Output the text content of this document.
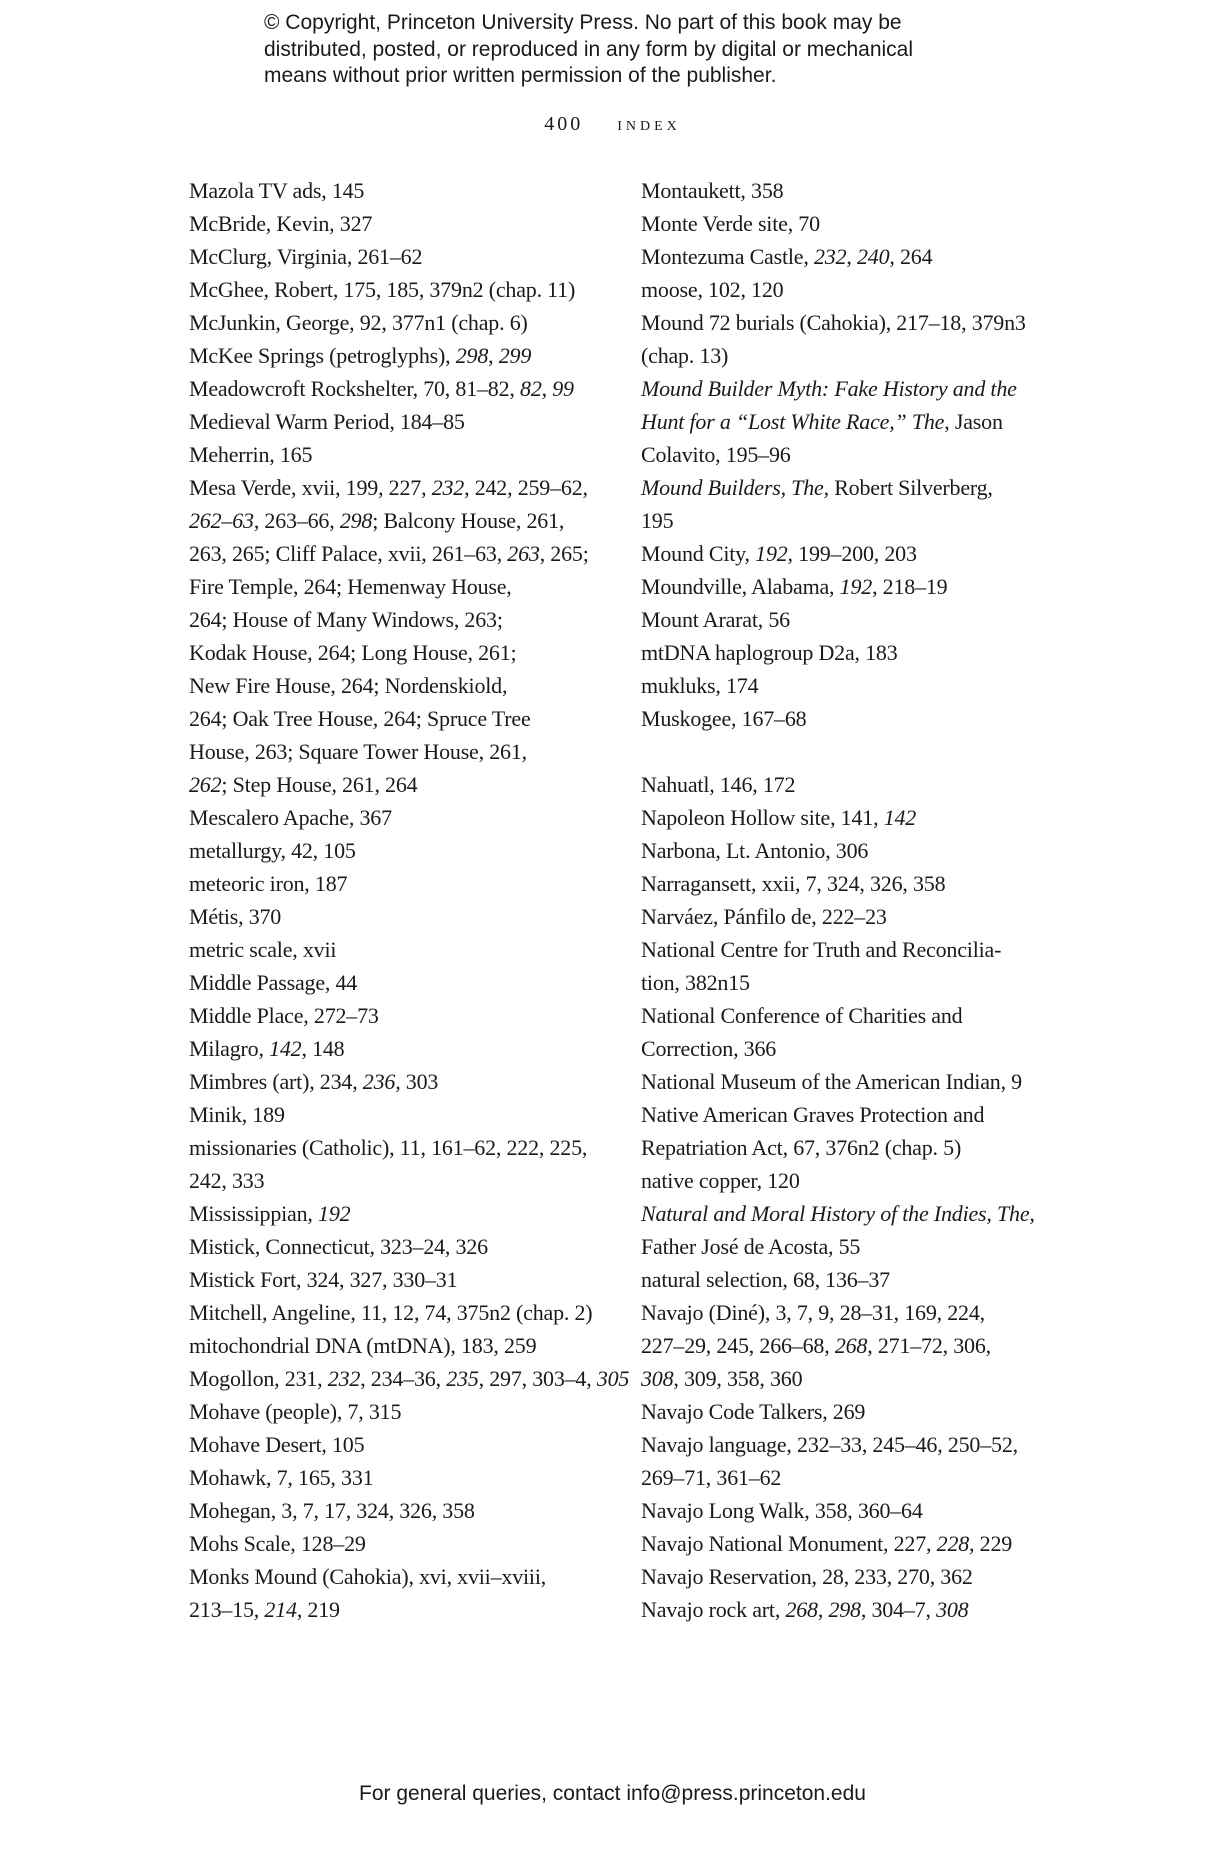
© Copyright, Princeton University Press. No part of this book may be
distributed, posted, or reproduced in any form by digital or mechanical
means without prior written permission of the publisher.
400 index
Mazola TV ads, 145
McBride, Kevin, 327
McClurg, Virginia, 261–62
McGhee, Robert, 175, 185, 379n2 (chap. 11)
McJunkin, George, 92, 377n1 (chap. 6)
McKee Springs (petroglyphs), 298, 299
Meadowcroft Rockshelter, 70, 81–82, 82, 99
Medieval Warm Period, 184–85
Meherrin, 165
Mesa Verde, xvii, 199, 227, 232, 242, 259–62,
262–63, 263–66, 298; Balcony House, 261,
263, 265; Cliff Palace, xvii, 261–63, 263, 265;
Fire Temple, 264; Hemenway House,
264; House of Many Windows, 263;
Kodak House, 264; Long House, 261;
New Fire House, 264; Nordenskiold,
264; Oak Tree House, 264; Spruce Tree
House, 263; Square Tower House, 261,
262; Step House, 261, 264
Mescalero Apache, 367
metallurgy, 42, 105
meteoric iron, 187
Métis, 370
metric scale, xvii
Middle Passage, 44
Middle Place, 272–73
Milagro, 142, 148
Mimbres (art), 234, 236, 303
Minik, 189
missionaries (Catholic), 11, 161–62, 222, 225,
242, 333
Mississippian, 192
Mistick, Connecticut, 323–24, 326
Mistick Fort, 324, 327, 330–31
Mitchell, Angeline, 11, 12, 74, 375n2 (chap. 2)
mitochondrial DNA (mtDNA), 183, 259
Mogollon, 231, 232, 234–36, 235, 297, 303–4, 305
Mohave (people), 7, 315
Mohave Desert, 105
Mohawk, 7, 165, 331
Mohegan, 3, 7, 17, 324, 326, 358
Mohs Scale, 128–29
Monks Mound (Cahokia), xvi, xvii–xviii,
213–15, 214, 219
Montaukett, 358
Monte Verde site, 70
Montezuma Castle, 232, 240, 264
moose, 102, 120
Mound 72 burials (Cahokia), 217–18, 379n3
(chap. 13)
Mound Builder Myth: Fake History and the
Hunt for a “Lost White Race,” The, Jason
Colavito, 195–96
Mound Builders, The, Robert Silverberg,
195
Mound City, 192, 199–200, 203
Moundville, Alabama, 192, 218–19
Mount Ararat, 56
mtDNA haplogroup D2a, 183
mukluks, 174
Muskogee, 167–68
Nahuatl, 146, 172
Napoleon Hollow site, 141, 142
Narbona, Lt. Antonio, 306
Narragansett, xxii, 7, 324, 326, 358
Narváez, Pánfilo de, 222–23
National Centre for Truth and Reconcilia-
tion, 382n15
National Conference of Charities and
Correction, 366
National Museum of the American Indian, 9
Native American Graves Protection and
Repatriation Act, 67, 376n2 (chap. 5)
native copper, 120
Natural and Moral History of the Indies, The,
Father José de Acosta, 55
natural selection, 68, 136–37
Navajo (Diné), 3, 7, 9, 28–31, 169, 224,
227–29, 245, 266–68, 268, 271–72, 306,
308, 309, 358, 360
Navajo Code Talkers, 269
Navajo language, 232–33, 245–46, 250–52,
269–71, 361–62
Navajo Long Walk, 358, 360–64
Navajo National Monument, 227, 228, 229
Navajo Reservation, 28, 233, 270, 362
Navajo rock art, 268, 298, 304–7, 308
For general queries, contact info@press.princeton.edu
